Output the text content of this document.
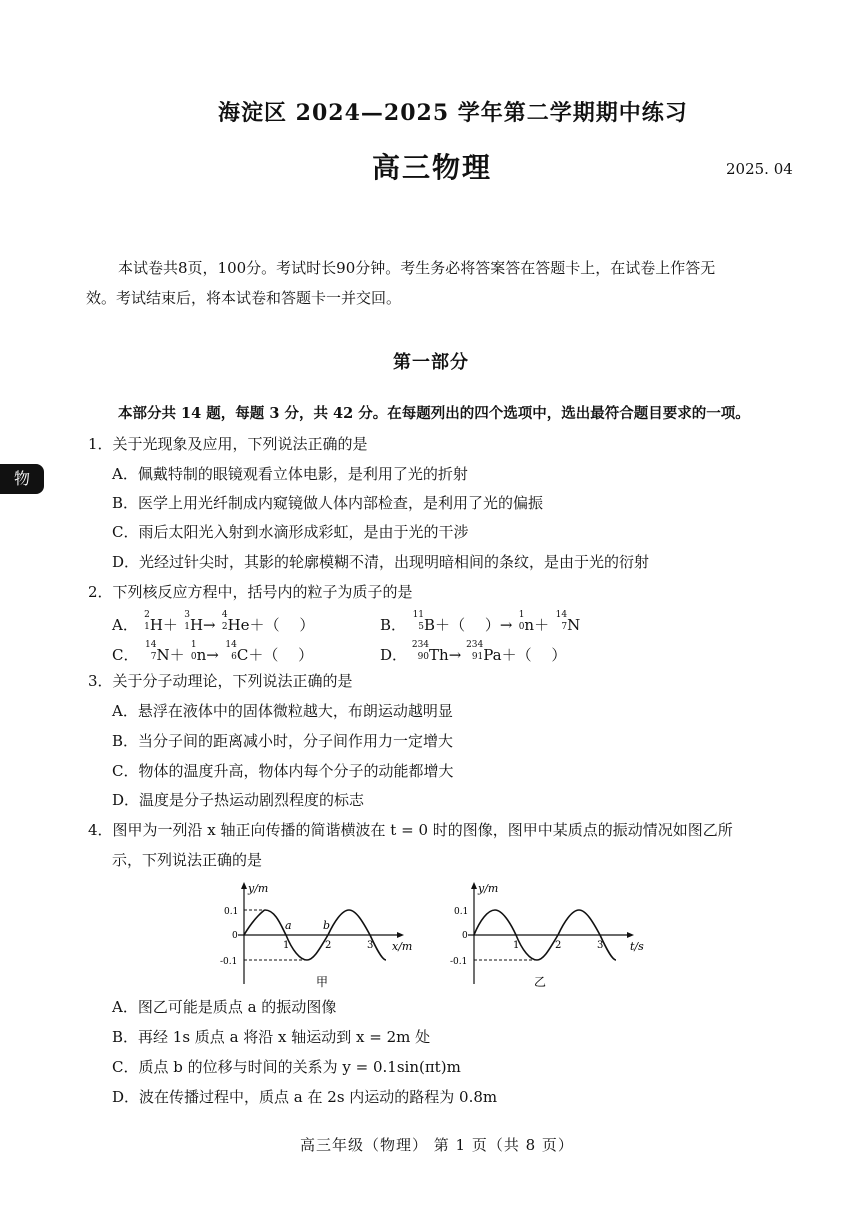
海淀区 2024—2025 学年第二学期期中练习
高三物理	2025. 04
本试卷共8页，100分。考试时长90分钟。考生务必将答案答在答题卡上，在试卷上作答无
效。考试结束后，将本试卷和答题卡一并交回。
第一部分
本部分共 14 题，每题 3 分，共 42 分。在每题列出的四个选项中，选出最符合题目要求的一项。
物
1．关于光现象及应用，下列说法正确的是
A．佩戴特制的眼镜观看立体电影，是利用了光的折射
B．医学上用光纤制成内窥镜做人体内部检查，是利用了光的偏振
C．雨后太阳光入射到水滴形成彩虹，是由于光的干涉
D．光经过针尖时，其影的轮廓模糊不清，出现明暗相间的条纹，是由于光的衍射
2．下列核反应方程中，括号内的粒子为质子的是
A．
2
1 H＋
3
1 H→
4
2 He＋（　 ）	B．
11
5 B＋（　 ）→
1
0 n＋
14
7 N
C．
14
7 N＋
1
0 n→
14
6 C＋（　 ）	D．
234
90 Th→
234
91 Pa＋（　 ）
3．关于分子动理论，下列说法正确的是
A．悬浮在液体中的固体微粒越大，布朗运动越明显
B．当分子间的距离减小时，分子间作用力一定增大
C．物体的温度升高，物体内每个分子的动能都增大
D．温度是分子热运动剧烈程度的标志
4．图甲为一列沿 x 轴正向传播的简谐横波在 t = 0 时的图像，图甲中某质点的振动情况如图乙所
示，下列说法正确的是
0.1
0
-0.1
1	2	3
y/m
x/m
a	b
甲
0.1
0
-0.1
1	2	3
y/m
t/s
乙
A．图乙可能是质点 a 的振动图像
B．再经 1s 质点 a 将沿 x 轴运动到 x = 2m 处
C．质点 b 的位移与时间的关系为 y = 0.1sin(πt)m
D．波在传播过程中，质点 a 在 2s 内运动的路程为 0.8m
高三年级（物理） 第 1 页（共 8 页）
